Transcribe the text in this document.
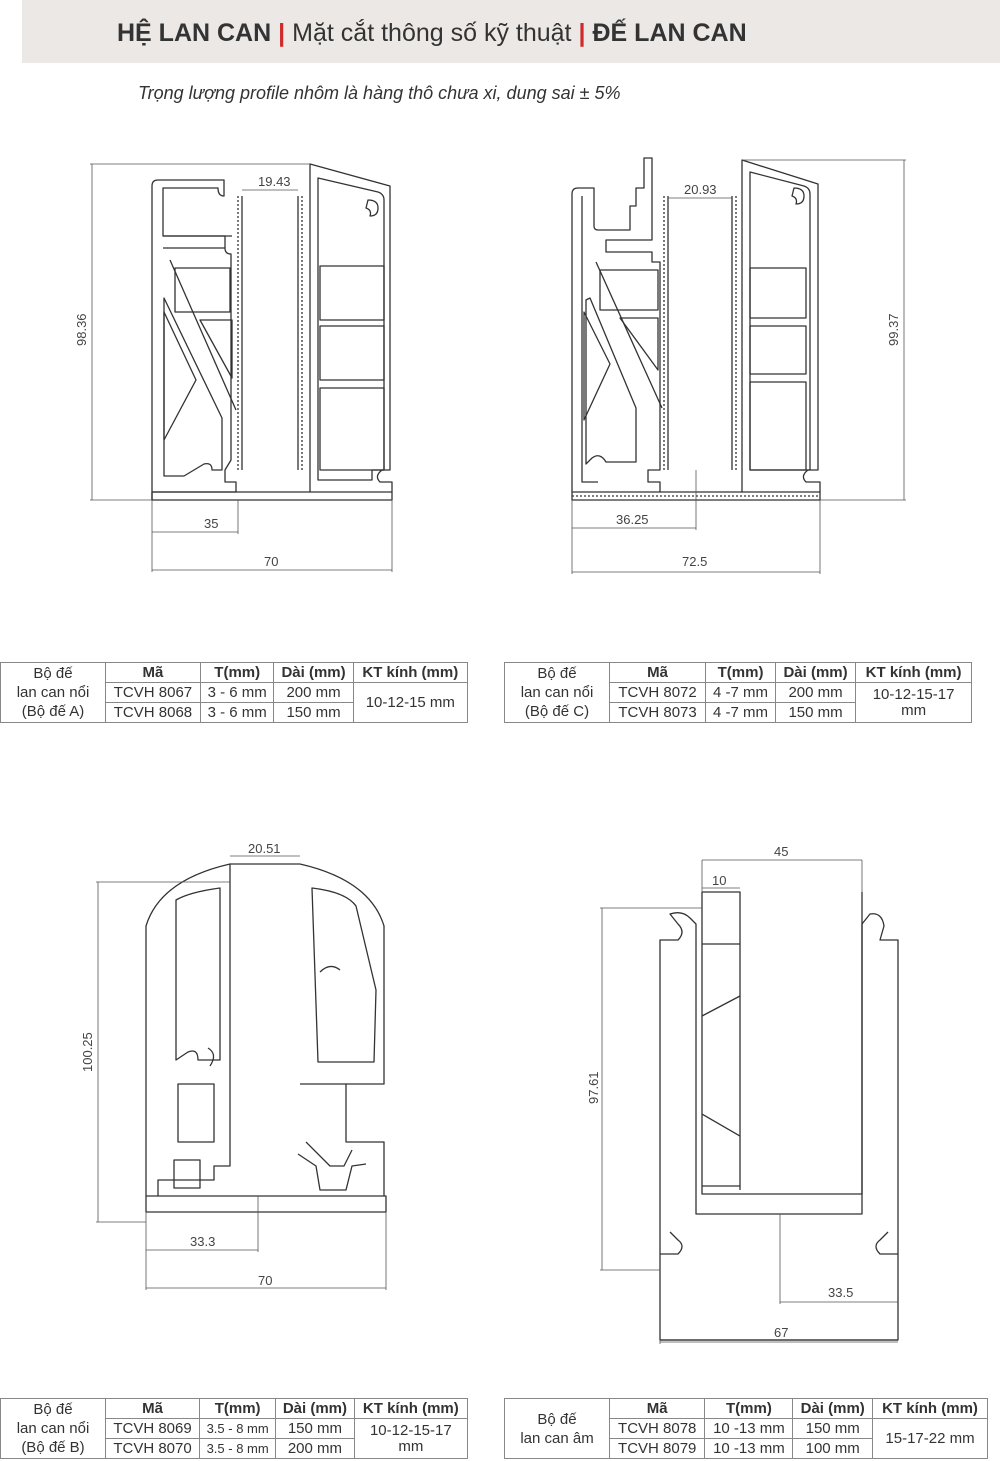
HỆ LAN CAN | Mặt cắt thông số kỹ thuật | ĐẾ LAN CAN
Trọng lượng profile nhôm là hàng thô chưa xi, dung sai ± 5%
98.36
19.43
35
70
99.37
20.93
36.25
72.5
100.25
20.51
33.3
70
97.61
10
45
33.5
67
Bộ đế
lan can nổi
(Bộ đế A)	Mã	T(mm)	Dài (mm)	KT kính (mm)
	TCVH 8067	3 - 6 mm	200 mm	10-12-15 mm
	TCVH 8068	3 - 6 mm	150 mm	
Bộ đế
lan can nổi
(Bộ đế C)	Mã	T(mm)	Dài (mm)	KT kính (mm)
	TCVH 8072	4 -7 mm	200 mm	10-12-15-17
mm

	TCVH 8073	4 -7 mm	150 mm	
Bộ đế
lan can nổi
(Bộ đế B)	Mã	T(mm)	Dài (mm)	KT kính (mm)
	TCVH 8069	3.5 - 8 mm	150 mm	10-12-15-17
mm

	TCVH 8070	3.5 - 8 mm	200 mm	
Bộ đế
lan can âm	Mã	T(mm)	Dài (mm)	KT kính (mm)
	TCVH 8078	10 -13 mm	150 mm	15-17-22 mm
	TCVH 8079	10 -13 mm	100 mm	
